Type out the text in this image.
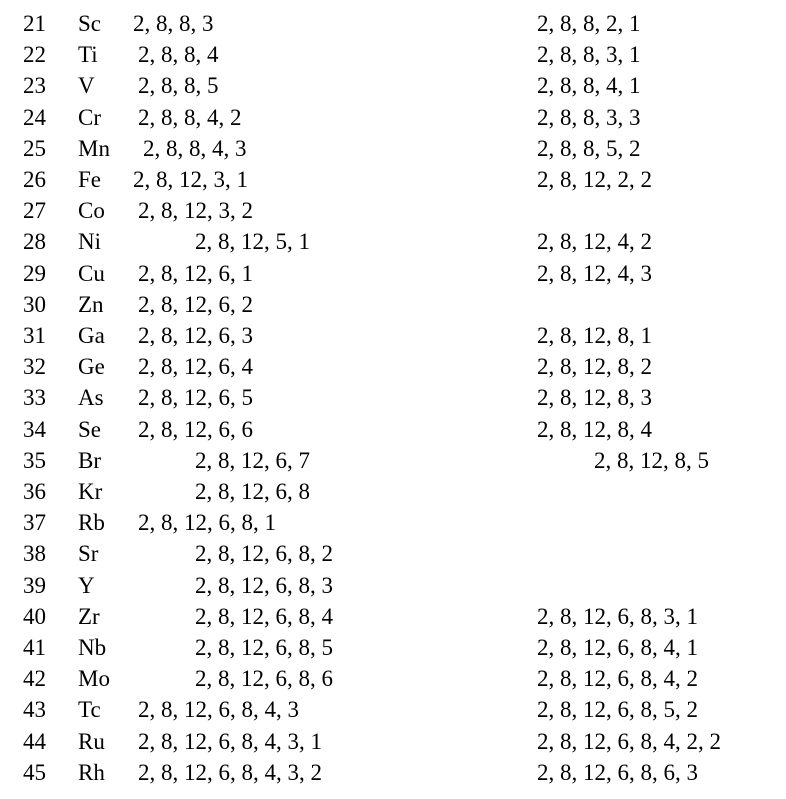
21 Sc 2, 8, 8, 3	2, 8, 8, 2, 1
22 Ti 2, 8, 8, 4	2, 8, 8, 3, 1
23 V 2, 8, 8, 5	2, 8, 8, 4, 1
24 Cr 2, 8, 8, 4, 2	2, 8, 8, 3, 3
25 Mn 2, 8, 8, 4, 3	2, 8, 8, 5, 2
26 Fe 2, 8, 12, 3, 1	2, 8, 12, 2, 2
27 Co 2, 8, 12, 3, 2
28 Ni	2, 8, 12, 5, 1	2, 8, 12, 4, 2
29 Cu 2, 8, 12, 6, 1	2, 8, 12, 4, 3
30 Zn 2, 8, 12, 6, 2
31 Ga 2, 8, 12, 6, 3	2, 8, 12, 8, 1
32 Ge 2, 8, 12, 6, 4	2, 8, 12, 8, 2
33 As 2, 8, 12, 6, 5	2, 8, 12, 8, 3
34 Se 2, 8, 12, 6, 6	2, 8, 12, 8, 4
35 Br	2, 8, 12, 6, 7	2, 8, 12, 8, 5
36 Kr	2, 8, 12, 6, 8
37 Rb 2, 8, 12, 6, 8, 1
38 Sr	2, 8, 12, 6, 8, 2
39 Y	2, 8, 12, 6, 8, 3
40 Zr	2, 8, 12, 6, 8, 4	2, 8, 12, 6, 8, 3, 1
41 Nb	2, 8, 12, 6, 8, 5	2, 8, 12, 6, 8, 4, 1
42 Mo	2, 8, 12, 6, 8, 6	2, 8, 12, 6, 8, 4, 2
43 Tc 2, 8, 12, 6, 8, 4, 3	2, 8, 12, 6, 8, 5, 2
44 Ru 2, 8, 12, 6, 8, 4, 3, 1	2, 8, 12, 6, 8, 4, 2, 2
45 Rh 2, 8, 12, 6, 8, 4, 3, 2	2, 8, 12, 6, 8, 6, 3
